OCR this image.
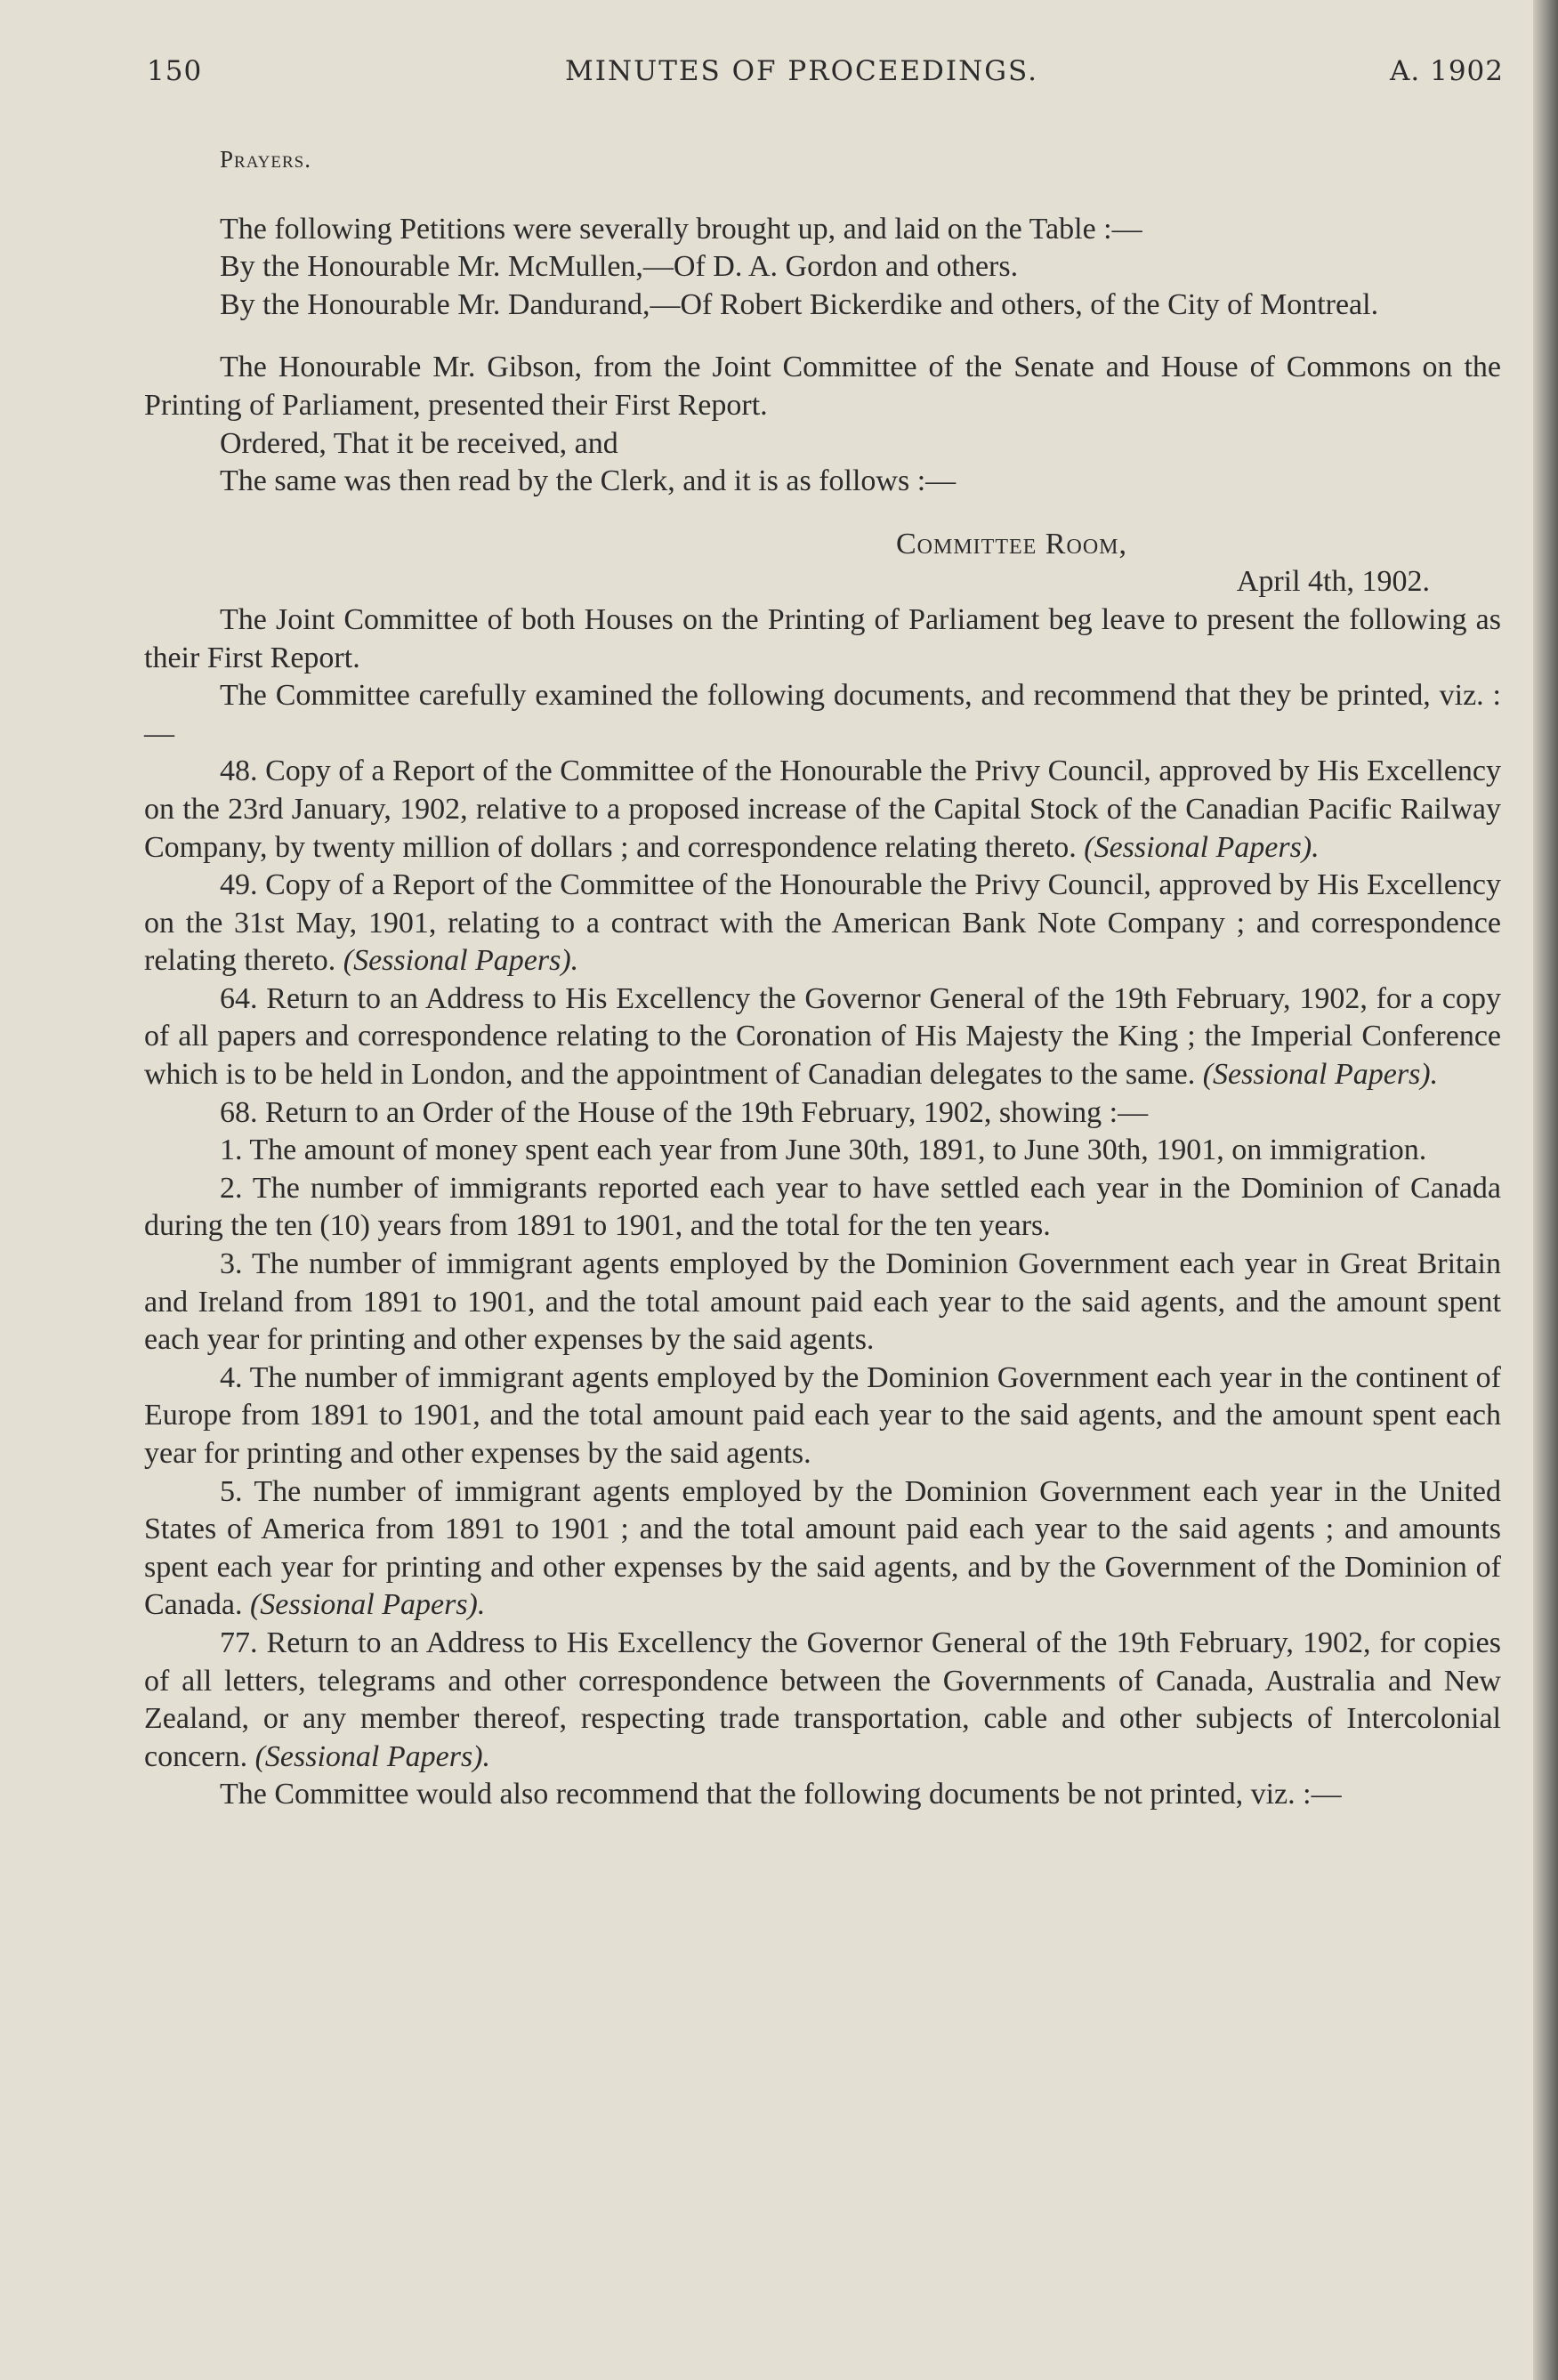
150	MINUTES OF PROCEEDINGS.	A. 1902

Prayers.

The following Petitions were severally brought up, and laid on the Table :—

By the Honourable Mr. McMullen,—Of D. A. Gordon and others.

By the Honourable Mr. Dandurand,—Of Robert Bickerdike and others, of the City of Montreal.

The Honourable Mr. Gibson, from the Joint Committee of the Senate and House of Commons on the Printing of Parliament, presented their First Report.

Ordered, That it be received, and

The same was then read by the Clerk, and it is as follows :—

Committee Room,

April 4th, 1902.

The Joint Committee of both Houses on the Printing of Parliament beg leave to present the following as their First Report.

The Committee carefully examined the following documents, and recommend that they be printed, viz. :—

48. Copy of a Report of the Committee of the Honourable the Privy Council, approved by His Excellency on the 23rd January, 1902, relative to a proposed increase of the Capital Stock of the Canadian Pacific Railway Company, by twenty million of dollars ; and correspondence relating thereto. (Sessional Papers).

49. Copy of a Report of the Committee of the Honourable the Privy Council, approved by His Excellency on the 31st May, 1901, relating to a contract with the American Bank Note Company ; and correspondence relating thereto. (Sessional Papers).

64. Return to an Address to His Excellency the Governor General of the 19th February, 1902, for a copy of all papers and correspondence relating to the Coronation of His Majesty the King ; the Imperial Conference which is to be held in London, and the appointment of Canadian delegates to the same. (Sessional Papers).

68. Return to an Order of the House of the 19th February, 1902, showing :—

1. The amount of money spent each year from June 30th, 1891, to June 30th, 1901, on immigration.

2. The number of immigrants reported each year to have settled each year in the Dominion of Canada during the ten (10) years from 1891 to 1901, and the total for the ten years.

3. The number of immigrant agents employed by the Dominion Government each year in Great Britain and Ireland from 1891 to 1901, and the total amount paid each year to the said agents, and the amount spent each year for printing and other expenses by the said agents.

4. The number of immigrant agents employed by the Dominion Government each year in the continent of Europe from 1891 to 1901, and the total amount paid each year to the said agents, and the amount spent each year for printing and other expenses by the said agents.

5. The number of immigrant agents employed by the Dominion Government each year in the United States of America from 1891 to 1901 ; and the total amount paid each year to the said agents ; and amounts spent each year for printing and other expenses by the said agents, and by the Government of the Dominion of Canada. (Sessional Papers).

77. Return to an Address to His Excellency the Governor General of the 19th February, 1902, for copies of all letters, telegrams and other correspondence between the Governments of Canada, Australia and New Zealand, or any member thereof, respecting trade transportation, cable and other subjects of Intercolonial concern. (Sessional Papers).

The Committee would also recommend that the following documents be not printed, viz. :—
